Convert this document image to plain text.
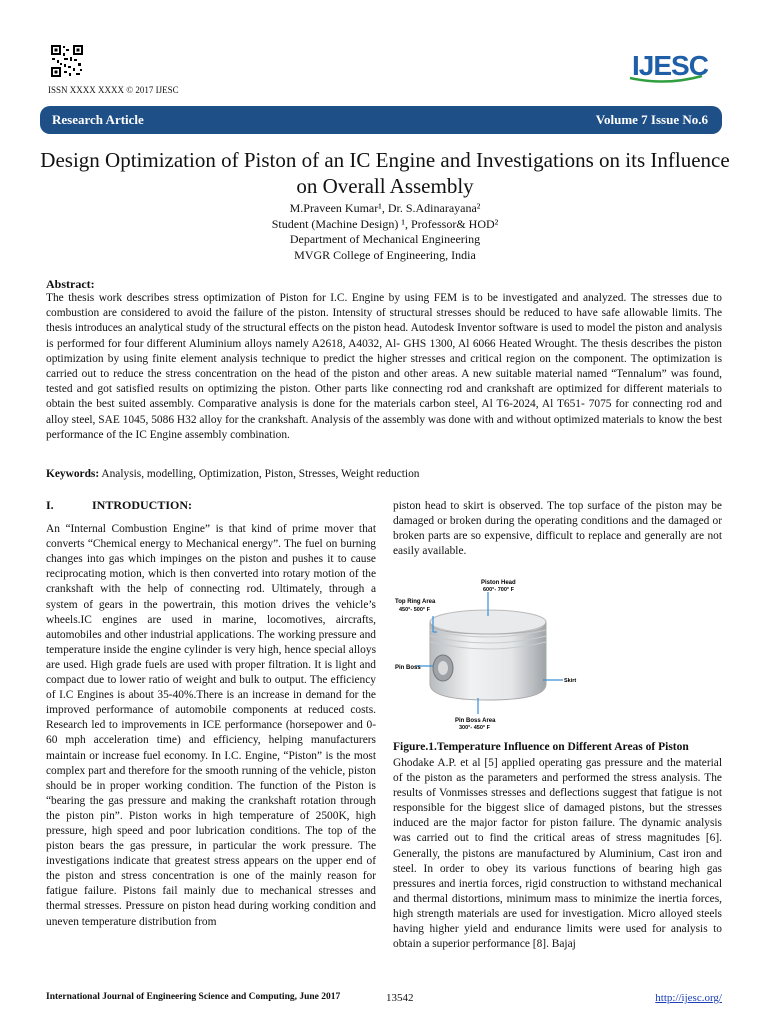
ISSN XXXX XXXX © 2017 IJESC
IJESC
Research Article	Volume 7 Issue No.6
Design Optimization of Piston of an IC Engine and Investigations on its Influence on Overall Assembly
M.Praveen Kumar¹, Dr. S.Adinarayana²
Student (Machine Design) ¹, Professor& HOD²
Department of Mechanical Engineering
MVGR College of Engineering, India
Abstract:

The thesis work describes stress optimization of Piston for I.C. Engine by using FEM is to be investigated and analyzed. The stresses due to combustion are considered to avoid the failure of the piston. Intensity of structural stresses should be reduced to have safe allowable limits. The thesis introduces an analytical study of the structural effects on the piston head. Autodesk Inventor software is used to model the piston and analysis is performed for four different Aluminium alloys namely A2618, A4032, Al- GHS 1300, Al 6066 Heated Wrought. The thesis describes the piston optimization by using finite element analysis technique to predict the higher stresses and critical region on the component. The optimization is carried out to reduce the stress concentration on the head of the piston and other areas. A new suitable material named “Tennalum” was found, tested and got satisfied results on optimizing the piston. Other parts like connecting rod and crankshaft are optimized for different materials to obtain the best suited assembly. Comparative analysis is done for the materials carbon steel, Al T6-2024, Al T651- 7075 for connecting rod and alloy steel, SAE 1045, 5086 H32 alloy for the crankshaft. Analysis of the assembly was done with and without optimized materials to know the best performance of the IC Engine assembly combination.

Keywords: Analysis, modelling, Optimization, Piston, Stresses, Weight reduction
I.	INTRODUCTION:

An “Internal Combustion Engine” is that kind of prime mover that converts “Chemical energy to Mechanical energy”. The fuel on burning changes into gas which impinges on the piston and pushes it to cause reciprocating motion, which is then converted into rotary motion of the crankshaft with the help of connecting rod. Ultimately, through a system of gears in the powertrain, this motion drives the vehicle’s wheels.IC engines are used in marine, locomotives, aircrafts, automobiles and other industrial applications. The working pressure and temperature inside the engine cylinder is very high, hence special alloys are used. High grade fuels are used with proper filtration. It is light and compact due to lower ratio of weight and bulk to output. The efficiency of I.C Engines is about 35-40%.There is an increase in demand for the improved performance of automobile components at reduced costs. Research led to improvements in ICE performance (horsepower and 0-60 mph acceleration time) and efficiency, helping manufacturers maintain or increase fuel economy. In I.C. Engine, “Piston” is the most complex part and therefore for the smooth running of the vehicle, piston should be in proper working condition. The function of the Piston is “bearing the gas pressure and making the crankshaft rotation through the piston pin”. Piston works in high temperature of 2500K, high pressure, high speed and poor lubrication conditions. The top of the piston bears the gas pressure, in particular the work pressure. The investigations indicate that greatest stress appears on the upper end of the piston and stress concentration is one of the mainly reason for fatigue failure. Pistons fail mainly due to mechanical stresses and thermal stresses. Pressure on piston head during working condition and uneven temperature distribution from

piston head to skirt is observed. The top surface of the piston may be damaged or broken during the operating conditions and the damaged or broken parts are so expensive, difficult to replace and generally are not easily available.

Piston Head
600°- 700° F
Top Ring Area
450°- 500° F
Pin Boss
Skirt
Pin Boss Area
300°- 450° F
Figure.1.Temperature Influence on Different Areas of Piston

Ghodake A.P. et al [5] applied operating gas pressure and the material of the piston as the parameters and performed the stress analysis. The results of Vonmisses stresses and deflections suggest that fatigue is not responsible for the biggest slice of damaged pistons, but the stresses induced are the major factor for piston failure. The dynamic analysis was carried out to find the critical areas of stress magnitudes [6]. Generally, the pistons are manufactured by Aluminium, Cast iron and steel. In order to obey its various functions of bearing high gas pressures and inertia forces, rigid construction to withstand mechanical and thermal distortions, minimum mass to minimize the inertia forces, high strength materials are used for investigation. Micro alloyed steels having higher yield and endurance limits were used for analysis to obtain a superior performance [8]. Bajaj

International Journal of Engineering Science and Computing, June 2017	13542	http://ijesc.org/
